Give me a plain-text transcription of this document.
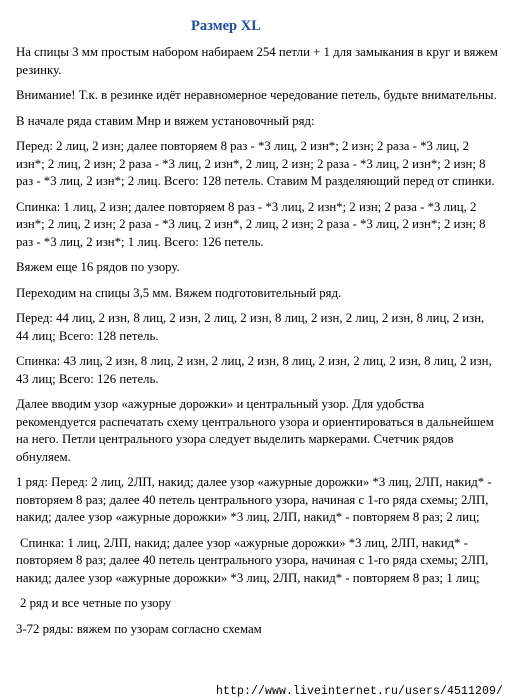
Размер XL

На спицы 3 мм простым набором набираем 254 петли + 1 для замыкания в круг и вяжем резинку.

Внимание! Т.к. в резинке идёт неравномерное чередование петель, будьте внимательны.

В начале ряда ставим Мнр и вяжем установочный ряд:

Перед: 2 лиц, 2 изн; далее повторяем 8 раз - *3 лиц, 2 изн*; 2 изн; 2 раза - *3 лиц, 2 изн*; 2 лиц, 2 изн; 2 раза - *3 лиц, 2 изн*, 2 лиц, 2 изн; 2 раза - *3 лиц, 2 изн*; 2 изн; 8 раз - *3 лиц, 2 изн*; 2 лиц. Всего: 128 петель. Ставим М разделяющий перед от спинки.

Спинка: 1 лиц, 2 изн; далее повторяем 8 раз - *3 лиц, 2 изн*; 2 изн; 2 раза - *3 лиц, 2 изн*; 2 лиц, 2 изн; 2 раза - *3 лиц, 2 изн*, 2 лиц, 2 изн; 2 раза - *3 лиц, 2 изн*; 2 изн; 8 раз - *3 лиц, 2 изн*; 1 лиц. Всего: 126 петель.

Вяжем еще 16 рядов по узору.

Переходим на спицы 3,5 мм. Вяжем подготовительный ряд.

Перед: 44 лиц, 2 изн, 8 лиц, 2 изн, 2 лиц, 2 изн, 8 лиц, 2 изн, 2 лиц, 2 изн, 8 лиц, 2 изн, 44 лиц; Всего: 128 петель.

Спинка: 43 лиц, 2 изн, 8 лиц, 2 изн, 2 лиц, 2 изн, 8 лиц, 2 изн, 2 лиц, 2 изн, 8 лиц, 2 изн, 43 лиц; Всего: 126 петель.

Далее вводим узор «ажурные дорожки» и центральный узор. Для удобства рекомендуется распечатать схему центрального узора и ориентироваться в дальнейшем на него. Петли центрального узора следует выделить маркерами. Счетчик рядов обнуляем.

1 ряд: Перед: 2 лиц, 2ЛП, накид; далее узор «ажурные дорожки» *3 лиц, 2ЛП, накид* - повторяем 8 раз; далее 40 петель центрального узора, начиная с 1-го ряда схемы; 2ЛП, накид; далее узор «ажурные дорожки» *3 лиц, 2ЛП, накид* - повторяем 8 раз; 2 лиц;

Спинка: 1 лиц, 2ЛП, накид; далее узор «ажурные дорожки» *3 лиц, 2ЛП, накид* - повторяем 8 раз; далее 40 петель центрального узора, начиная с 1-го ряда схемы; 2ЛП, накид; далее узор «ажурные дорожки» *3 лиц, 2ЛП, накид* - повторяем 8 раз; 1 лиц;

2 ряд и все четные по узору

3-72 ряды: вяжем по узорам согласно схемам

http://www.liveinternet.ru/users/4511209/
